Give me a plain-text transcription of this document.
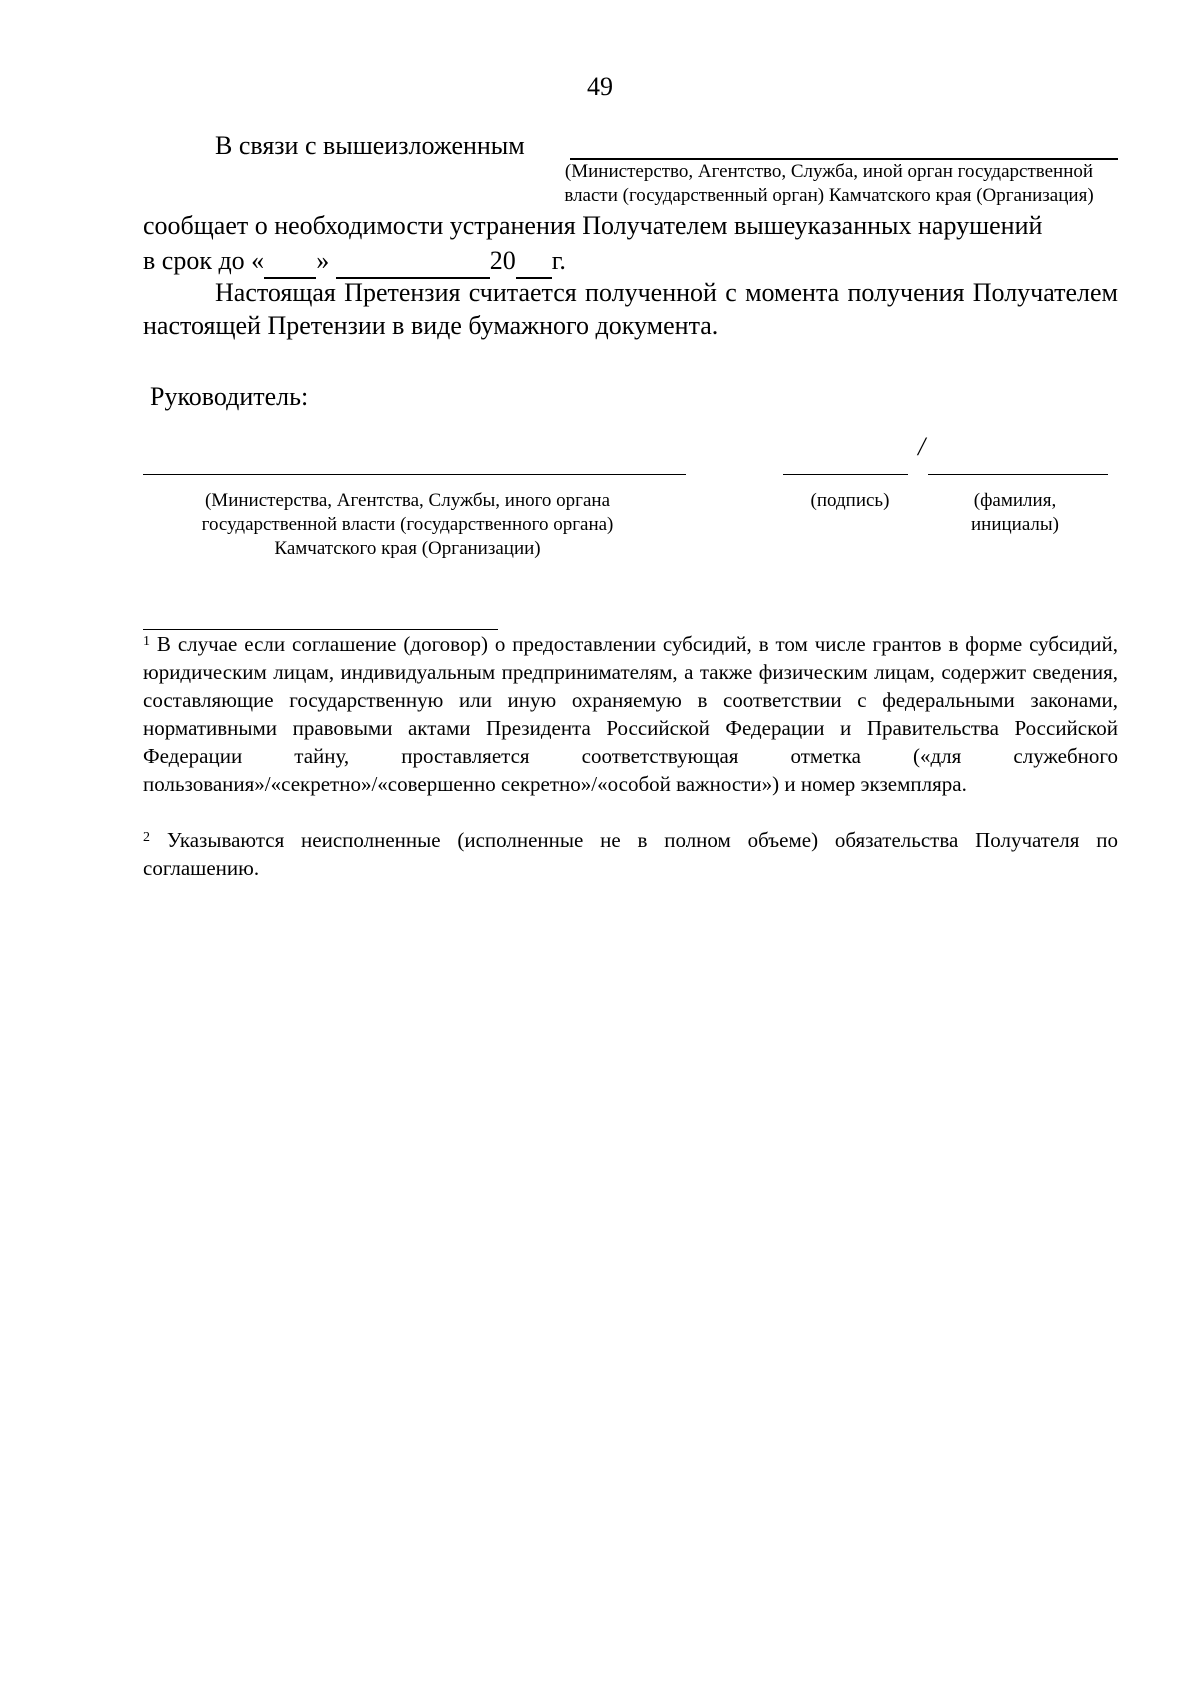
49
В связи с вышеизложенным
(Министерство, Агентство, Служба, иной орган государственной власти (государственный орган) Камчатского края (Организация)
сообщает о необходимости устранения Получателем вышеуказанных нарушений
в срок до « »	20 г.
Настоящая Претензия считается полученной с момента получения Получателем настоящей Претензии в виде бумажного документа.
Руководитель:
/
(Министерства, Агентства, Службы, иного органа государственной власти (государственного органа) Камчатского края (Организации)
(подпись)	(фамилия, инициалы)
$^1$ В случае если соглашение (договор) о предоставлении субсидий, в том числе грантов в форме субсидий, юридическим лицам, индивидуальным предпринимателям, а также физическим лицам, содержит сведения, составляющие государственную или иную охраняемую в соответствии с федеральными законами, нормативными правовыми актами Президента Российской Федерации и Правительства Российской Федерации тайну, проставляется соответствующая отметка («для служебного пользования»/«секретно»/«совершенно секретно»/«особой важности») и номер экземпляра.
$^2$ Указываются неисполненные (исполненные не в полном объеме) обязательства Получателя по соглашению.
